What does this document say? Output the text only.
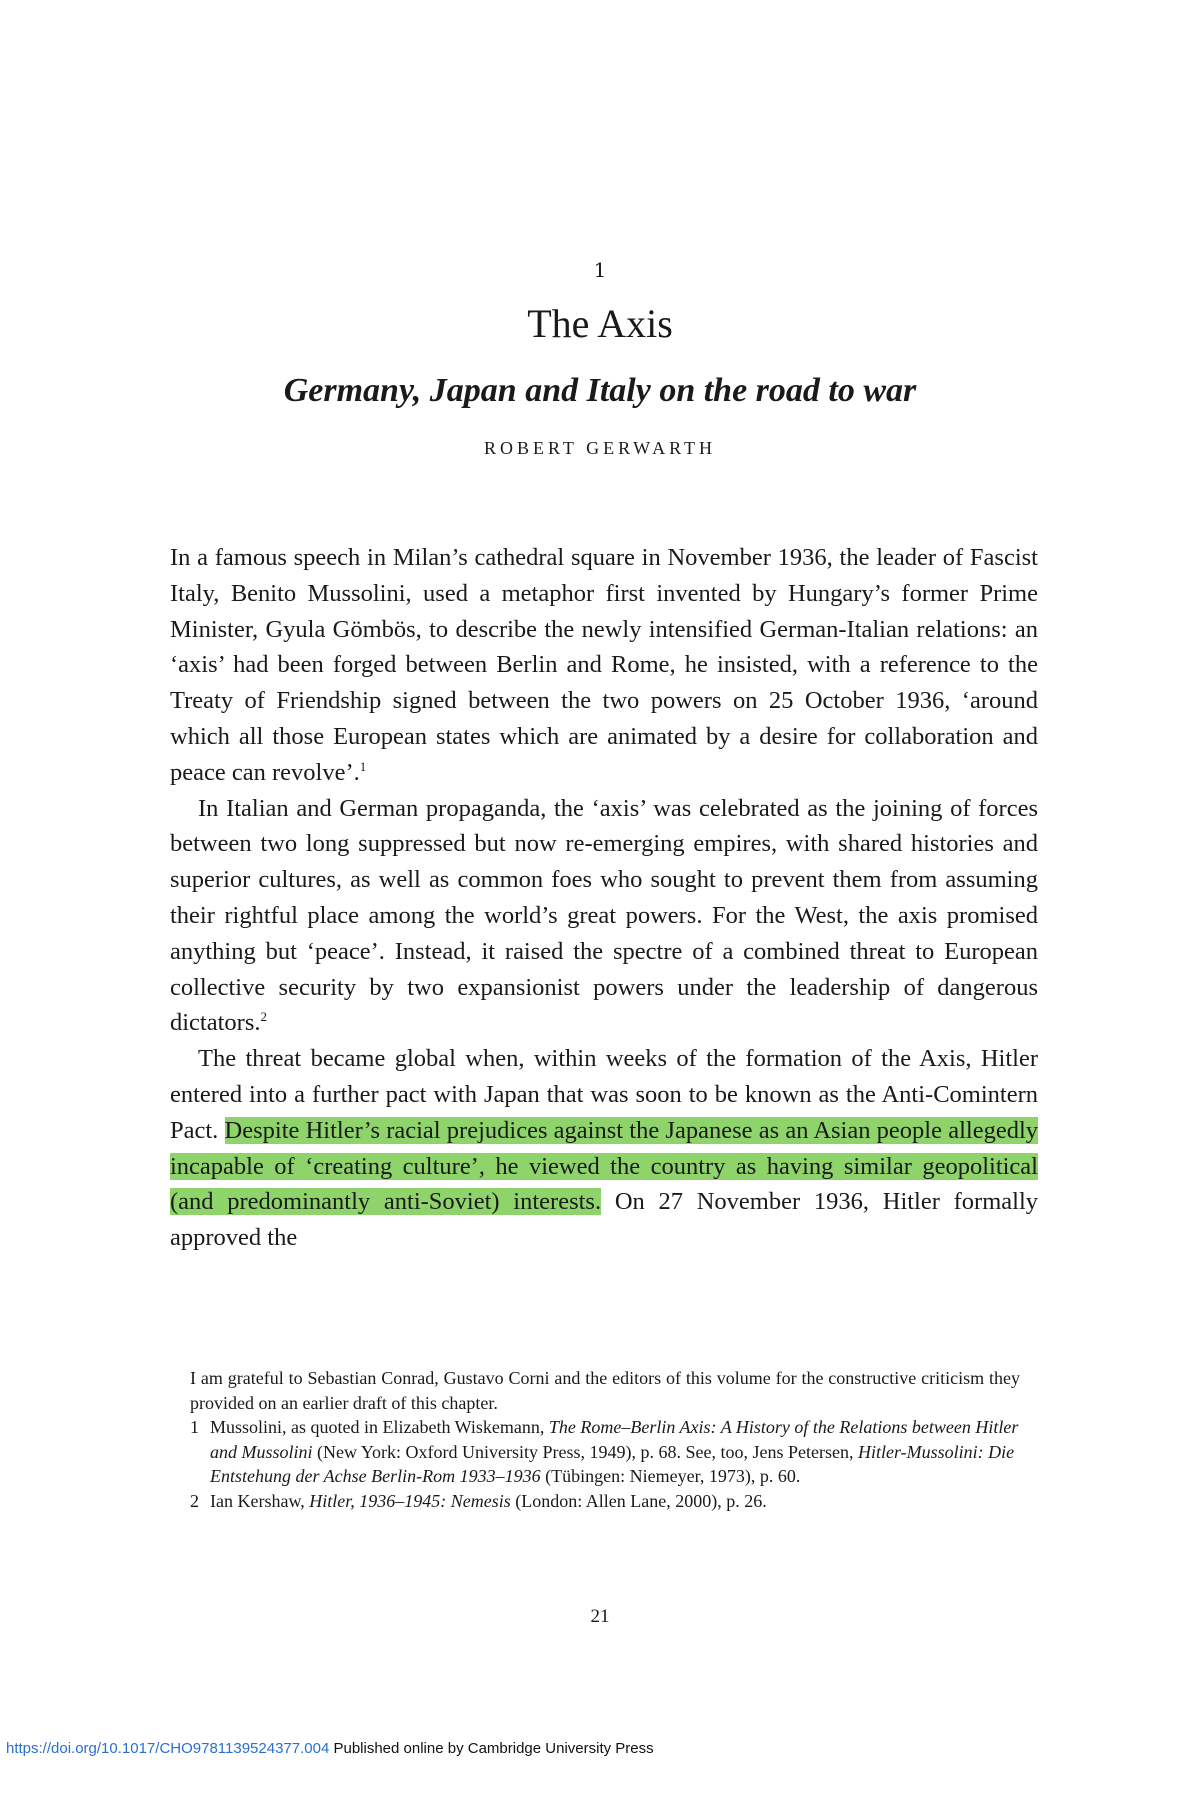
1
The Axis
Germany, Japan and Italy on the road to war
ROBERT GERWARTH

In a famous speech in Milan’s cathedral square in November 1936, the leader of Fascist Italy, Benito Mussolini, used a metaphor first invented by Hungary’s former Prime Minister, Gyula Gömbös, to describe the newly intensified German-Italian relations: an ‘axis’ had been forged between Berlin and Rome, he insisted, with a reference to the Treaty of Friendship signed between the two powers on 25 October 1936, ‘around which all those European states which are animated by a desire for collaboration and peace can revolve’.$^1$

In Italian and German propaganda, the ‘axis’ was celebrated as the joining of forces between two long suppressed but now re-emerging empires, with shared histories and superior cultures, as well as common foes who sought to prevent them from assuming their rightful place among the world’s great powers. For the West, the axis promised anything but ‘peace’. Instead, it raised the spectre of a combined threat to European collective security by two expansionist powers under the leadership of dangerous dictators.$^2$

The threat became global when, within weeks of the formation of the Axis, Hitler entered into a further pact with Japan that was soon to be known as the Anti-Comintern Pact. Despite Hitler’s racial prejudices against the Japanese as an Asian people allegedly incapable of ‘creating culture’, he viewed the country as having similar geopolitical (and predominantly anti-Soviet) interests. On 27 November 1936, Hitler formally approved the

I am grateful to Sebastian Conrad, Gustavo Corni and the editors of this volume for the constructive criticism they provided on an earlier draft of this chapter.

1 Mussolini, as quoted in Elizabeth Wiskemann, The Rome–Berlin Axis: A History of the Relations between Hitler and Mussolini (New York: Oxford University Press, 1949), p. 68. See, too, Jens Petersen, Hitler-Mussolini: Die Entstehung der Achse Berlin-Rom 1933–1936 (Tübingen: Niemeyer, 1973), p. 60.

2 Ian Kershaw, Hitler, 1936–1945: Nemesis (London: Allen Lane, 2000), p. 26.

21
https://doi.org/10.1017/CHO9781139524377.004 Published online by Cambridge University Press
